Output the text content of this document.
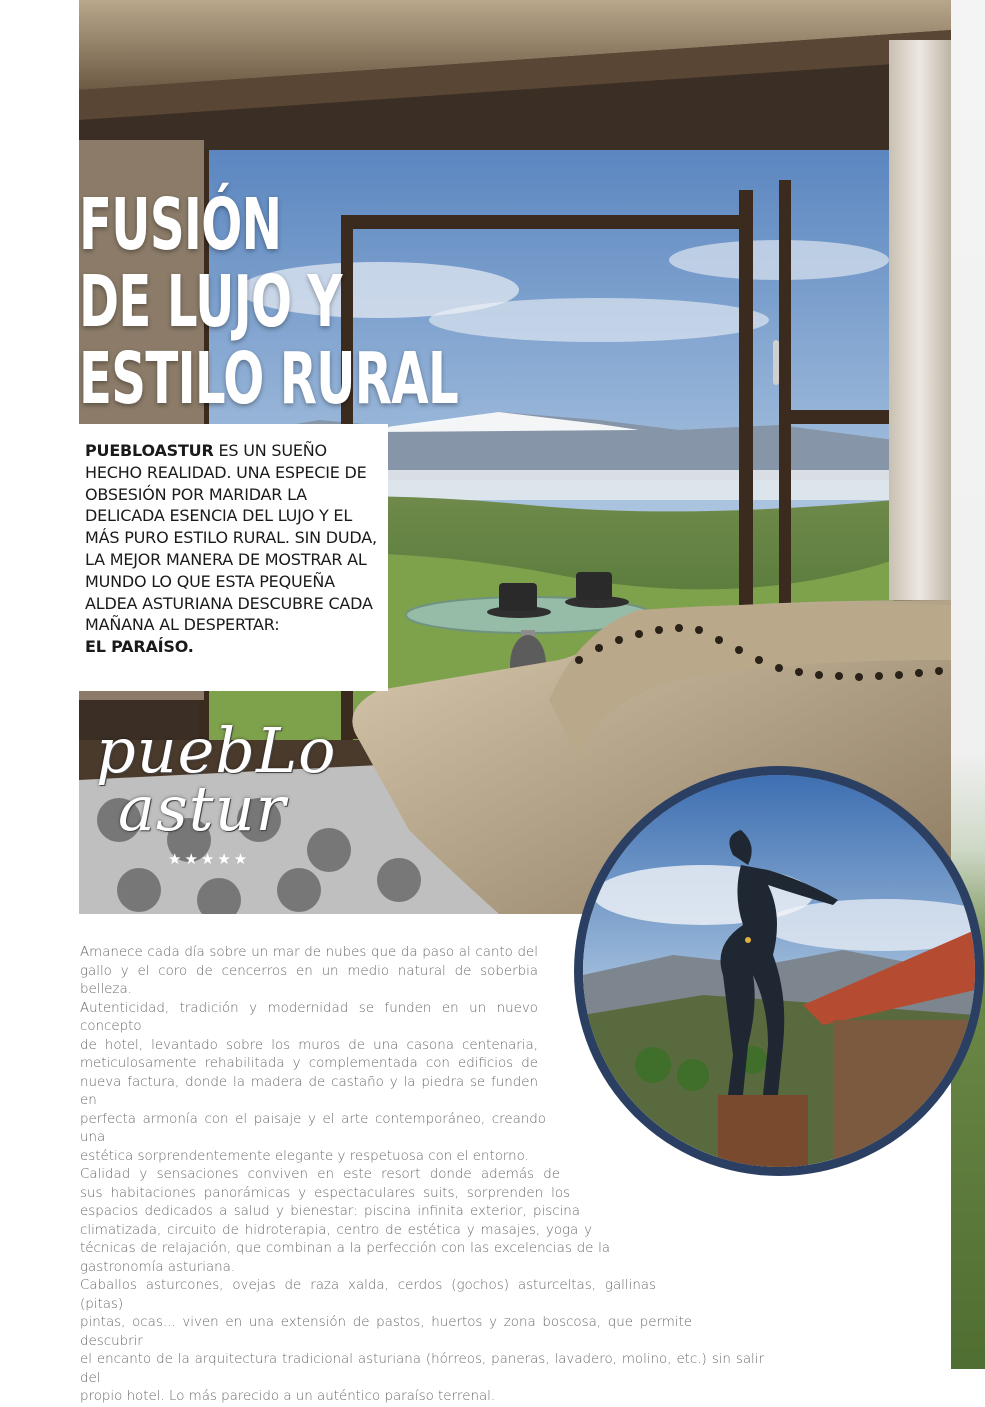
FUSIÓN
DE LUJO Y
ESTILO RURAL

PUEBLOASTUR ES UN SUEÑO HECHO REALIDAD. UNA ESPECIE DE OBSESIÓN POR MARIDAR LA DELICADA ESENCIA DEL LUJO Y EL MÁS PURO ESTILO RURAL. SIN DUDA, LA MEJOR MANERA DE MOSTRAR AL MUNDO LO QUE ESTA PEQUEÑA ALDEA ASTURIANA DESCUBRE CADA MAÑANA AL DESPERTAR:
EL PARAÍSO.

puebLo
astur
★★★★★

Amanece cada día sobre un mar de nubes que da paso al canto del
gallo y el coro de cencerros en un medio natural de soberbia belleza.
Autenticidad, tradición y modernidad se funden en un nuevo concepto
de hotel, levantado sobre los muros de una casona centenaria,
meticulosamente rehabilitada y complementada con edificios de
nueva factura, donde la madera de castaño y la piedra se funden en
perfecta armonía con el paisaje y el arte contemporáneo, creando una
estética sorprendentemente elegante y respetuosa con el entorno.
Calidad y sensaciones conviven en este resort donde además de
sus habitaciones panorámicas y espectaculares suits, sorprenden los
espacios dedicados a salud y bienestar: piscina infinita exterior, piscina
climatizada, circuito de hidroterapia, centro de estética y masajes, yoga y
técnicas de relajación, que combinan a la perfección con las excelencias de la
gastronomía asturiana.
Caballos asturcones, ovejas de raza xalda, cerdos (gochos) asturceltas, gallinas (pitas)
pintas, ocas... viven en una extensión de pastos, huertos y zona boscosa, que permite descubrir
el encanto de la arquitectura tradicional asturiana (hórreos, paneras, lavadero, molino, etc.) sin salir del
propio hotel. Lo más parecido a un auténtico paraíso terrenal.
